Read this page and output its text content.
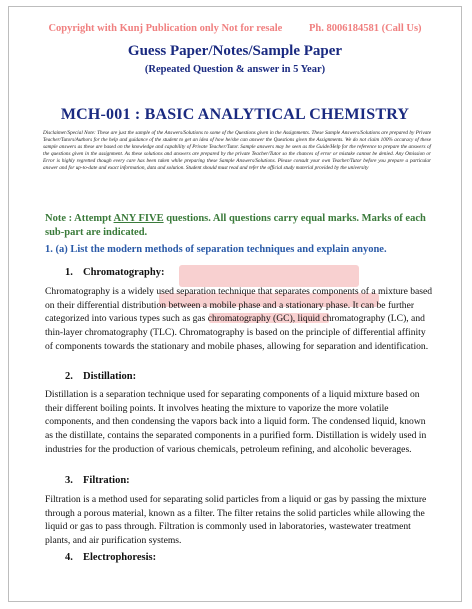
Copyright with Kunj Publication only Not for resale	Ph. 8006184581 (Call Us)
Guess Paper/Notes/Sample Paper
(Repeated Question & answer in 5 Year)
MCH-001 : BASIC ANALYTICAL CHEMISTRY
Disclaimer/Special Note: These are just the sample of the Answers/Solutions to some of the Questions given in the Assignments. These Sample Answers/Solutions are prepared by Private Teacher/Tutors/Authors for the help and guidance of the student to get an idea of how he/she can answer the Questions given the Assignments. We do not claim 100% accuracy of these sample answers as these are based on the knowledge and capability of Private Teacher/Tutor. Sample answers may be seen as the Guide/Help for the reference to prepare the answers of the questions given in the assignment. As these solutions and answers are prepared by the private Teacher/Tutor so the chances of error or mistake cannot be denied. Any Omission or Error is highly regretted though every care has been taken while preparing these Sample Answers/Solutions. Please consult your own Teacher/Tutor before you prepare a particular answer and for up-to-date and exact information, data and solution. Student should must read and refer the official study material provided by the university
Note : Attempt ANY FIVE questions. All questions carry equal marks. Marks of each sub-part are indicated.
1. (a) List the modern methods of separation techniques and explain anyone.
1. Chromatography:
Chromatography is a widely used separation technique that separates components of a mixture based on their differential distribution between a mobile phase and a stationary phase. It can be further categorized into various types such as gas chromatography (GC), liquid chromatography (LC), and thin-layer chromatography (TLC). Chromatography is based on the principle of differential affinity of components towards the stationary and mobile phases, allowing for separation and identification.
2. Distillation:
Distillation is a separation technique used for separating components of a liquid mixture based on their different boiling points. It involves heating the mixture to vaporize the more volatile components, and then condensing the vapors back into a liquid form. The condensed liquid, known as the distillate, contains the separated components in a purified form. Distillation is widely used in industries for the production of various chemicals, petroleum refining, and alcoholic beverages.
3. Filtration:
Filtration is a method used for separating solid particles from a liquid or gas by passing the mixture through a porous material, known as a filter. The filter retains the solid particles while allowing the liquid or gas to pass through. Filtration is commonly used in laboratories, wastewater treatment plants, and air purification systems.
4. Electrophoresis:
